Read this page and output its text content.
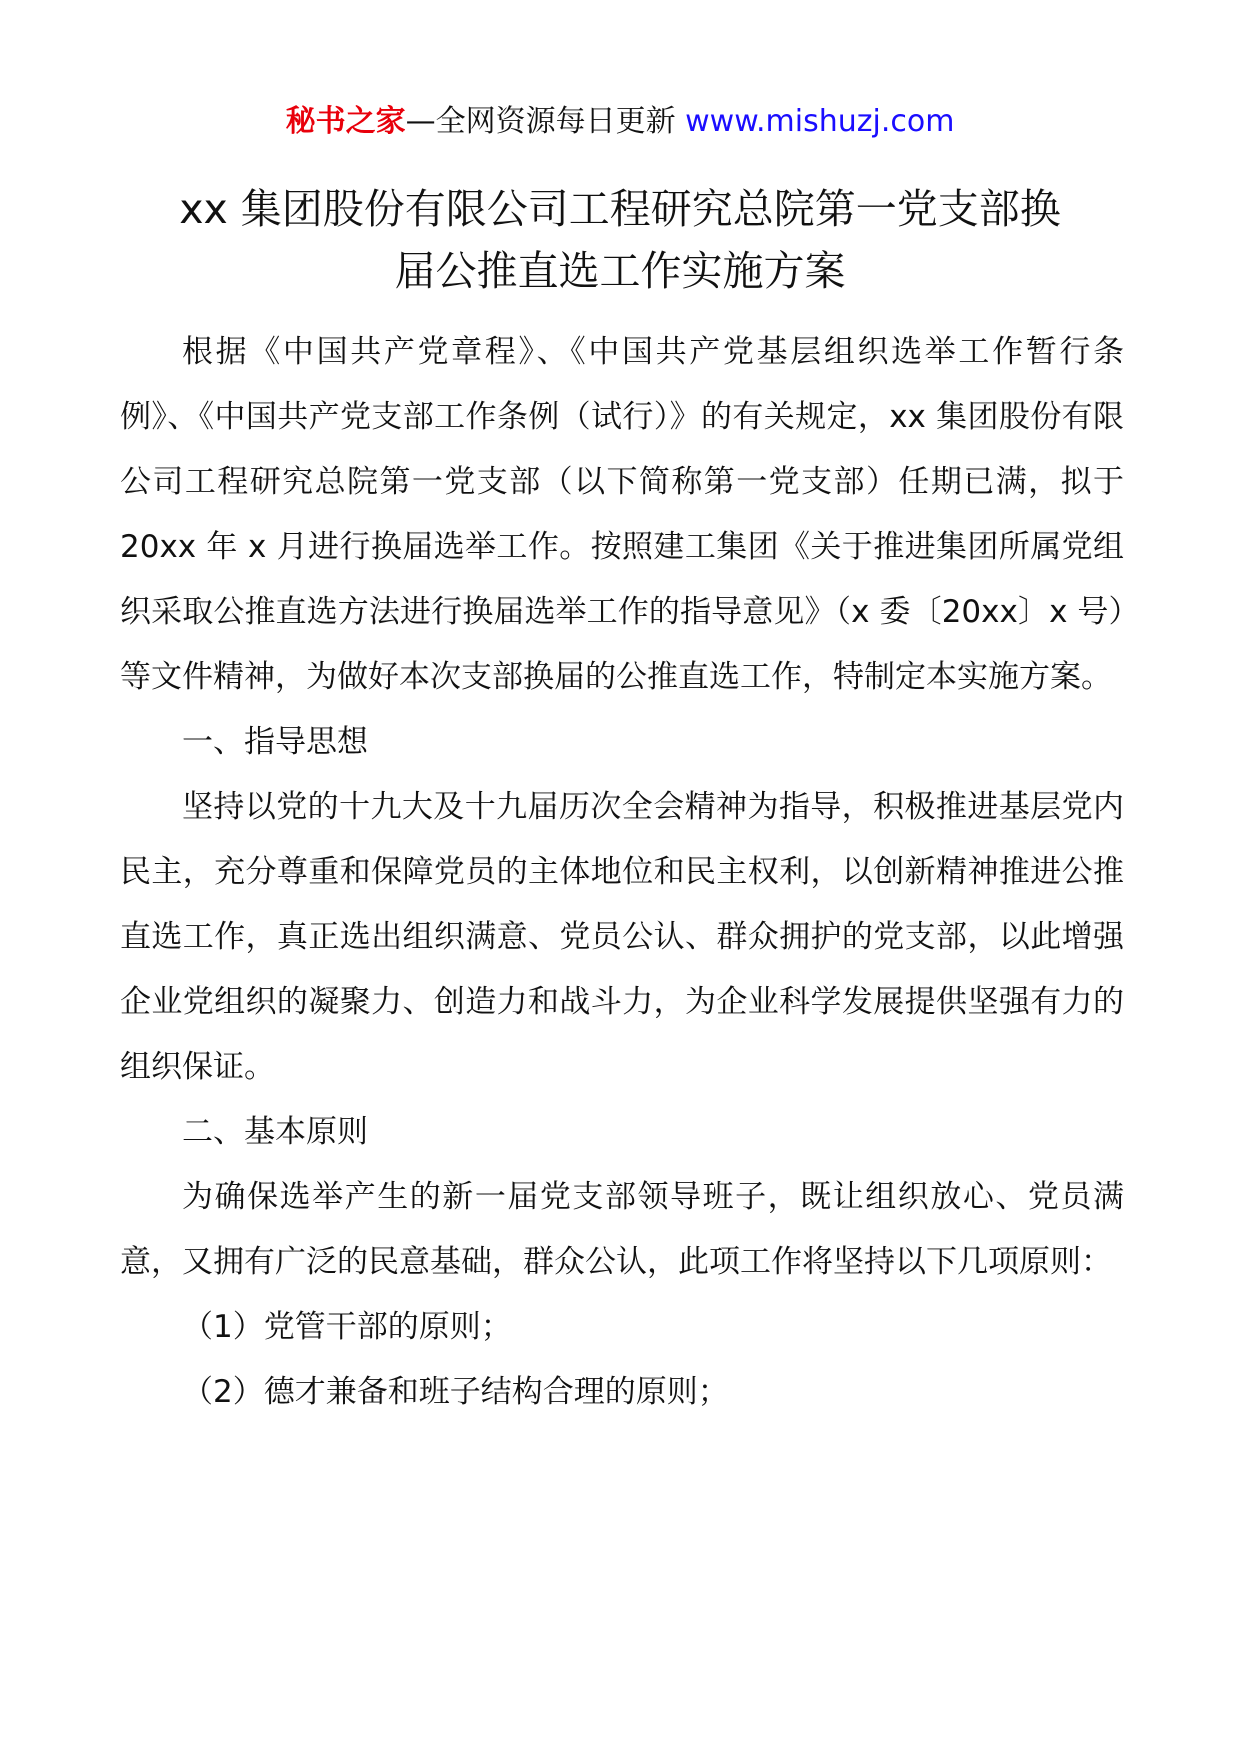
秘书之家—全网资源每日更新 www.mishuzj.com
xx 集团股份有限公司工程研究总院第一党支部换
届公推直选工作实施方案

根据《中国共产党章程》、《中国共产党基层组织选举工作暂行条例》、《中国共产党支部工作条例（试行）》的有关规定，xx 集团股份有限公司工程研究总院第一党支部（以下简称第一党支部）任期已满，拟于 20xx 年 x 月进行换届选举工作。按照建工集团《关于推进集团所属党组织采取公推直选方法进行换届选举工作的指导意见》（x 委〔20xx〕x 号）等文件精神，为做好本次支部换届的公推直选工作，特制定本实施方案。

一、指导思想

坚持以党的十九大及十九届历次全会精神为指导，积极推进基层党内民主，充分尊重和保障党员的主体地位和民主权利，以创新精神推进公推直选工作，真正选出组织满意、党员公认、群众拥护的党支部，以此增强企业党组织的凝聚力、创造力和战斗力，为企业科学发展提供坚强有力的组织保证。

二、基本原则

为确保选举产生的新一届党支部领导班子，既让组织放心、党员满意，又拥有广泛的民意基础，群众公认，此项工作将坚持以下几项原则：

（1）党管干部的原则；

（2）德才兼备和班子结构合理的原则；
